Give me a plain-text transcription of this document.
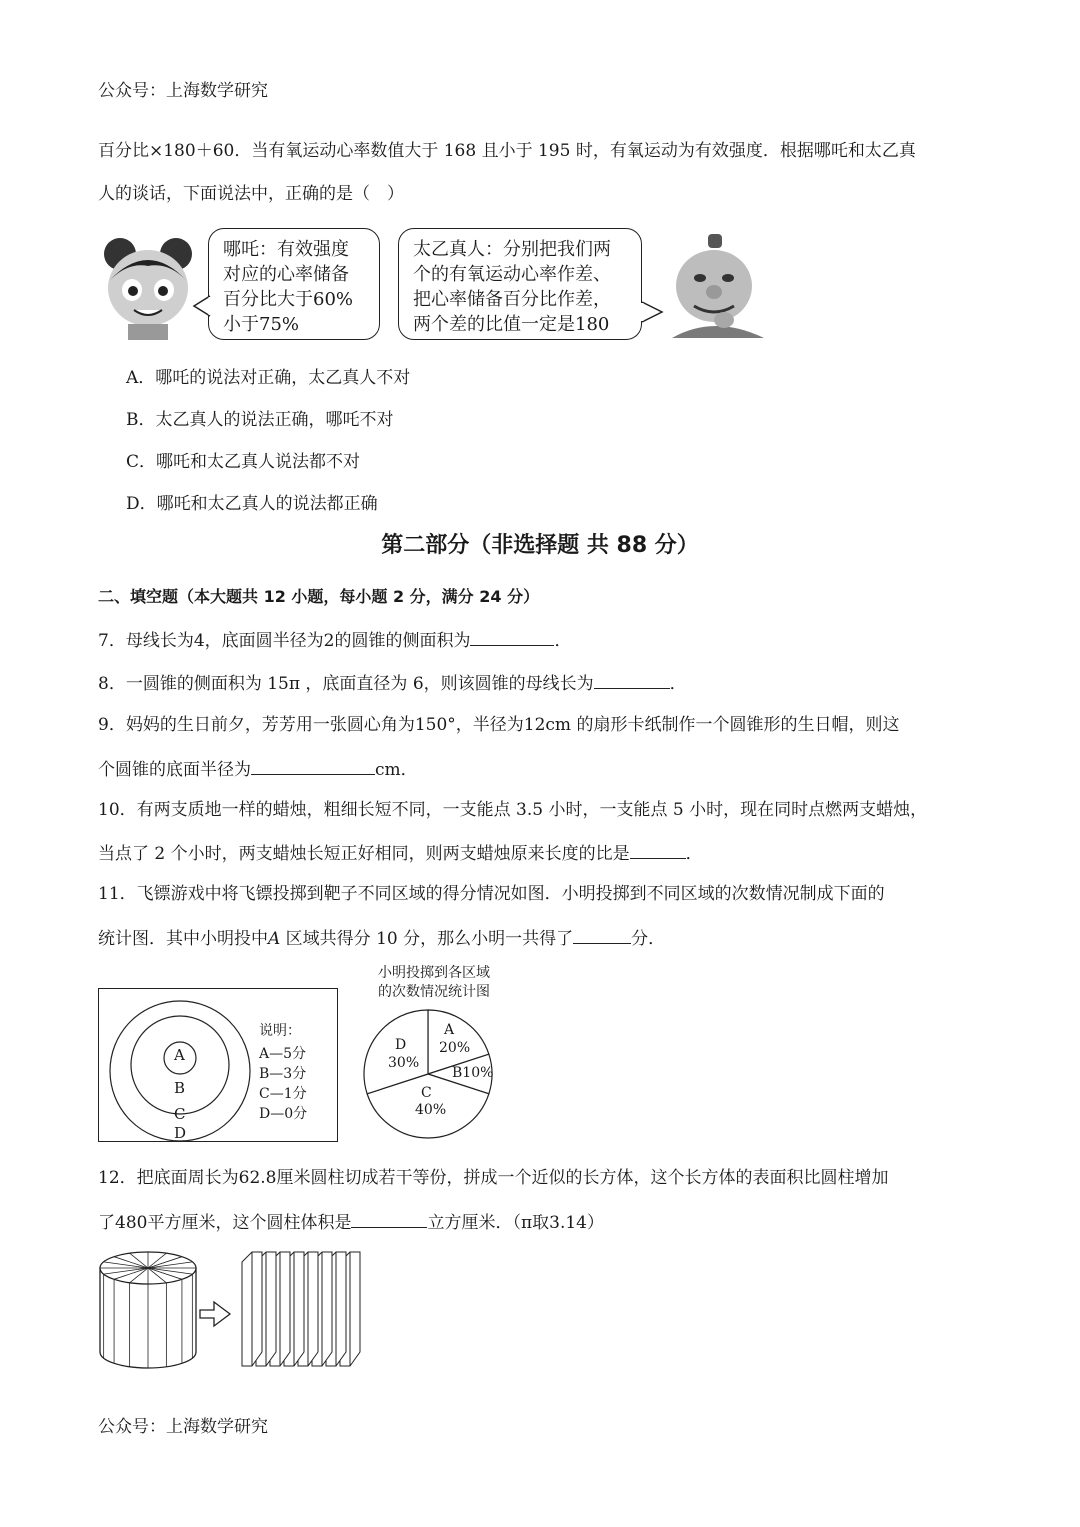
公众号：上海数学研究
百分比×180＋60．当有氧运动心率数值大于 168 且小于 195 时，有氧运动为有效强度．根据哪吒和太乙真
人的谈话，下面说法中，正确的是（　）
哪吒：有效强度
对应的心率储备
百分比大于60%
小于75%
太乙真人：分别把我们两
个的有氧运动心率作差、
把心率储备百分比作差，
两个差的比值一定是180
A．哪吒的说法对正确，太乙真人不对
B．太乙真人的说法正确，哪吒不对
C．哪吒和太乙真人说法都不对
D．哪吒和太乙真人的说法都正确
第二部分（非选择题 共 88 分）
二、填空题（本大题共 12 小题，每小题 2 分，满分 24 分）
7．母线长为4，底面圆半径为2的圆锥的侧面积为	．
8．一圆锥的侧面积为 15π ，底面直径为 6，则该圆锥的母线长为	．
9．妈妈的生日前夕，芳芳用一张圆心角为150°，半径为12cm 的扇形卡纸制作一个圆锥形的生日帽，则这
个圆锥的底面半径为	cm．
10．有两支质地一样的蜡烛，粗细长短不同，一支能点 3.5 小时，一支能点 5 小时，现在同时点燃两支蜡烛，
当点了 2 个小时，两支蜡烛长短正好相同，则两支蜡烛原来长度的比是	．
11．飞镖游戏中将飞镖投掷到靶子不同区域的得分情况如图．小明投掷到不同区域的次数情况制成下面的
统计图．其中小明投中A 区域共得分 10 分，那么小明一共得了	分．
A
B
C
D
说明：
A—5分
B—3分
C—1分
D—0分
小明投掷到各区域
的次数情况统计图
A
20%
B10%
C
40%
D
30%
12．把底面周长为62.8厘米圆柱切成若干等份，拼成一个近似的长方体，这个长方体的表面积比圆柱增加
了480平方厘米，这个圆柱体积是	立方厘米．（π取3.14）
公众号：上海数学研究
